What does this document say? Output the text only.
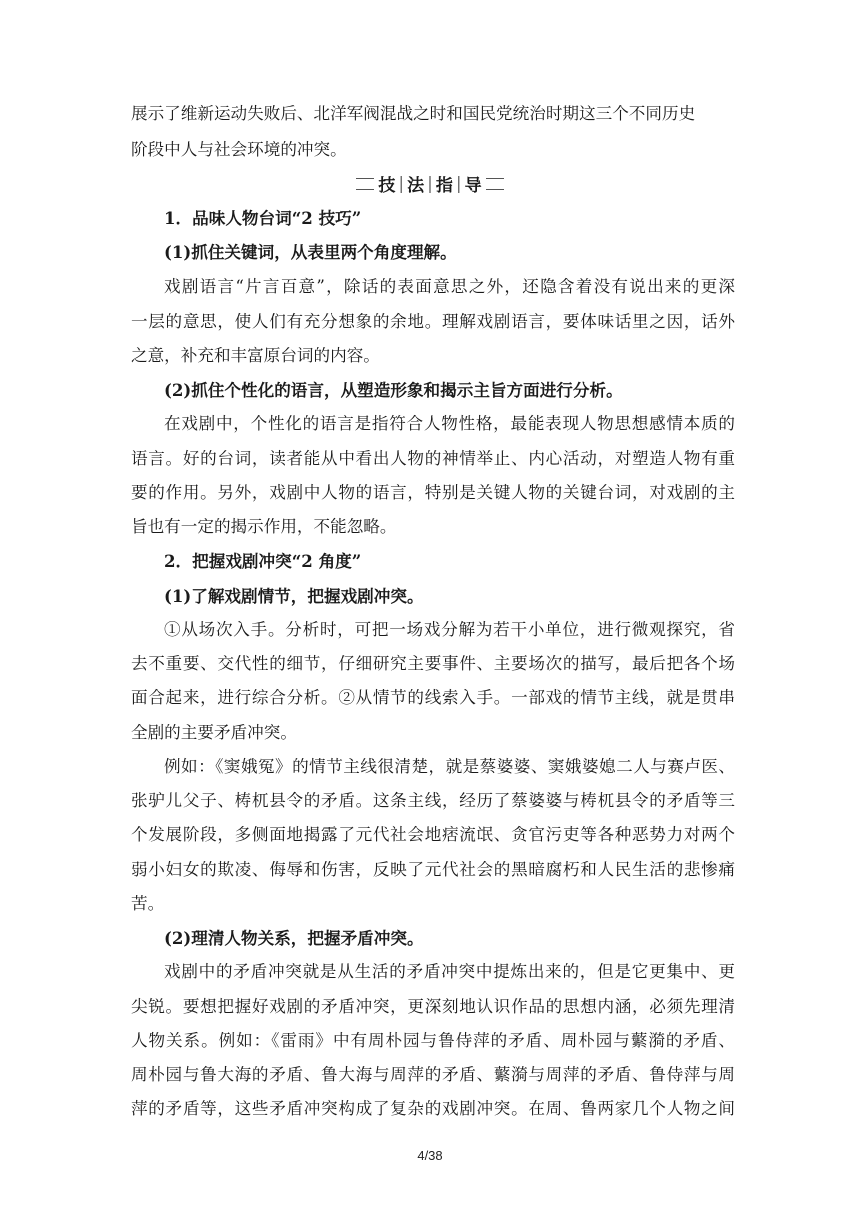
展示了维新运动失败后、北洋军阀混战之时和国民党统治时期这三个不同历史
阶段中人与社会环境的冲突。
技 | 法 | 指 | 导
1．品味人物台词“2 技巧”
(1)抓住关键词，从表里两个角度理解。
戏剧语言“片言百意”，除话的表面意思之外，还隐含着没有说出来的更深
一层的意思，使人们有充分想象的余地。理解戏剧语言，要体味话里之因，话外
之意，补充和丰富原台词的内容。
(2)抓住个性化的语言，从塑造形象和揭示主旨方面进行分析。
在戏剧中，个性化的语言是指符合人物性格，最能表现人物思想感情本质的
语言。好的台词，读者能从中看出人物的神情举止、内心活动，对塑造人物有重
要的作用。另外，戏剧中人物的语言，特别是关键人物的关键台词，对戏剧的主
旨也有一定的揭示作用，不能忽略。
2．把握戏剧冲突“2 角度”
(1)了解戏剧情节，把握戏剧冲突。
①从场次入手。分析时，可把一场戏分解为若干小单位，进行微观探究，省
去不重要、交代性的细节，仔细研究主要事件、主要场次的描写，最后把各个场
面合起来，进行综合分析。②从情节的线索入手。一部戏的情节主线，就是贯串
全剧的主要矛盾冲突。
例如：《窦娥冤》的情节主线很清楚，就是蔡婆婆、窦娥婆媳二人与赛卢医、
张驴儿父子、梼杌县令的矛盾。这条主线，经历了蔡婆婆与梼杌县令的矛盾等三
个发展阶段，多侧面地揭露了元代社会地痞流氓、贪官污吏等各种恶势力对两个
弱小妇女的欺凌、侮辱和伤害，反映了元代社会的黑暗腐朽和人民生活的悲惨痛
苦。
(2)理清人物关系，把握矛盾冲突。
戏剧中的矛盾冲突就是从生活的矛盾冲突中提炼出来的，但是它更集中、更
尖锐。要想把握好戏剧的矛盾冲突，更深刻地认识作品的思想内涵，必须先理清
人物关系。例如：《雷雨》中有周朴园与鲁侍萍的矛盾、周朴园与蘩漪的矛盾、
周朴园与鲁大海的矛盾、鲁大海与周萍的矛盾、蘩漪与周萍的矛盾、鲁侍萍与周
萍的矛盾等，这些矛盾冲突构成了复杂的戏剧冲突。在周、鲁两家几个人物之间
4/38
